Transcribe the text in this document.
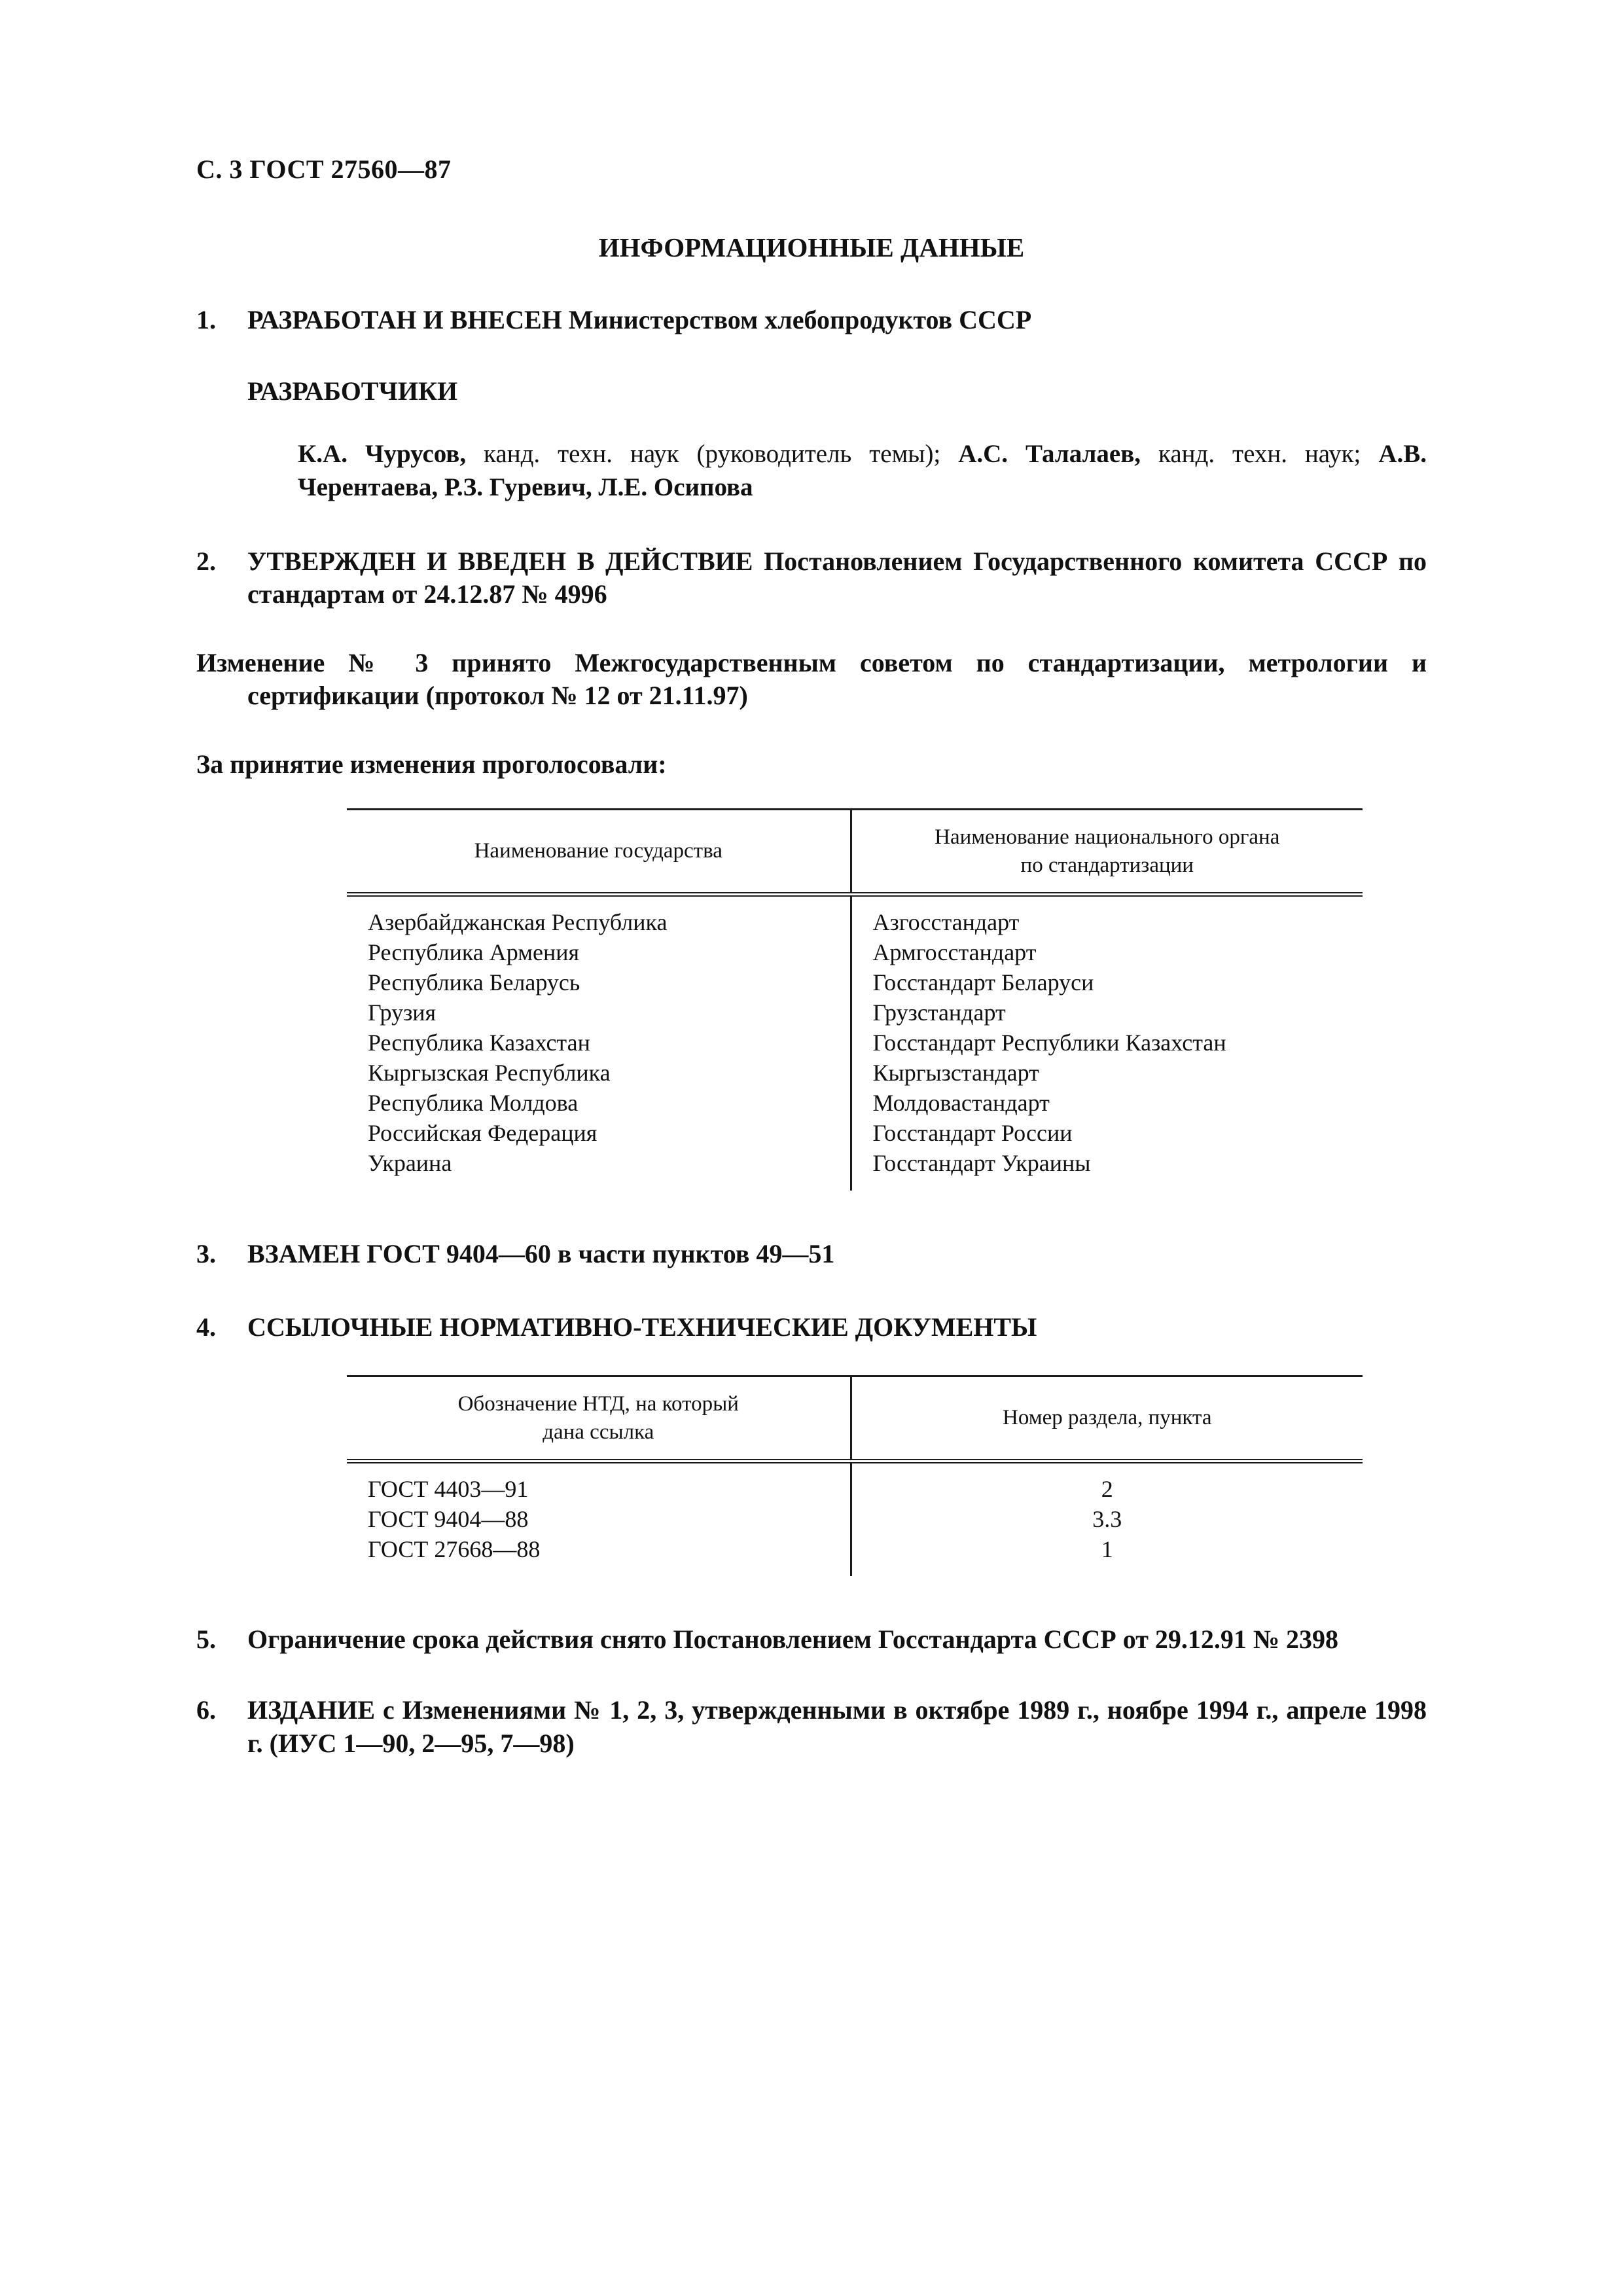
С. 3 ГОСТ 27560—87
ИНФОРМАЦИОННЫЕ ДАННЫЕ
1.	РАЗРАБОТАН И ВНЕСЕН Министерством хлебопродуктов СССР
РАЗРАБОТЧИКИ

К.А. Чурусов, канд. техн. наук (руководитель темы); А.С. Талалаев, канд. техн. наук; А.В. Черентаева, Р.З. Гуревич, Л.Е. Осипова

2.	УТВЕРЖДЕН И ВВЕДЕН В ДЕЙСТВИЕ Постановлением Государственного комитета СССР по стандартам от 24.12.87 № 4996

Изменение № 3 принято Межгосударственным советом по стандартизации, метрологии и сертификации (протокол № 12 от 21.11.97)

За принятие изменения проголосовали:

Наименование государства	Наименование национального органа
по стандартизации
Азербайджанская Республика	Азгосстандарт
Республика Армения	Армгосстандарт
Республика Беларусь	Госстандарт Беларуси
Грузия	Грузстандарт
Республика Казахстан	Госстандарт Республики Казахстан
Кыргызская Республика	Кыргызстандарт
Республика Молдова	Молдовастандарт
Российская Федерация	Госстандарт России
Украина	Госстандарт Украины
3.	ВЗАМЕН ГОСТ 9404—60 в части пунктов 49—51
4.	ССЫЛОЧНЫЕ НОРМАТИВНО-ТЕХНИЧЕСКИЕ ДОКУМЕНТЫ
Обозначение НТД, на который
дана ссылка	Номер раздела, пункта
ГОСТ 4403—91	2
ГОСТ 9404—88	3.3
ГОСТ 27668—88	1
5.	Ограничение срока действия снято Постановлением Госстандарта СССР от 29.12.91 № 2398
6.	ИЗДАНИЕ с Изменениями № 1, 2, 3, утвержденными в октябре 1989 г., ноябре 1994 г., апреле 1998 г. (ИУС 1—90, 2—95, 7—98)
